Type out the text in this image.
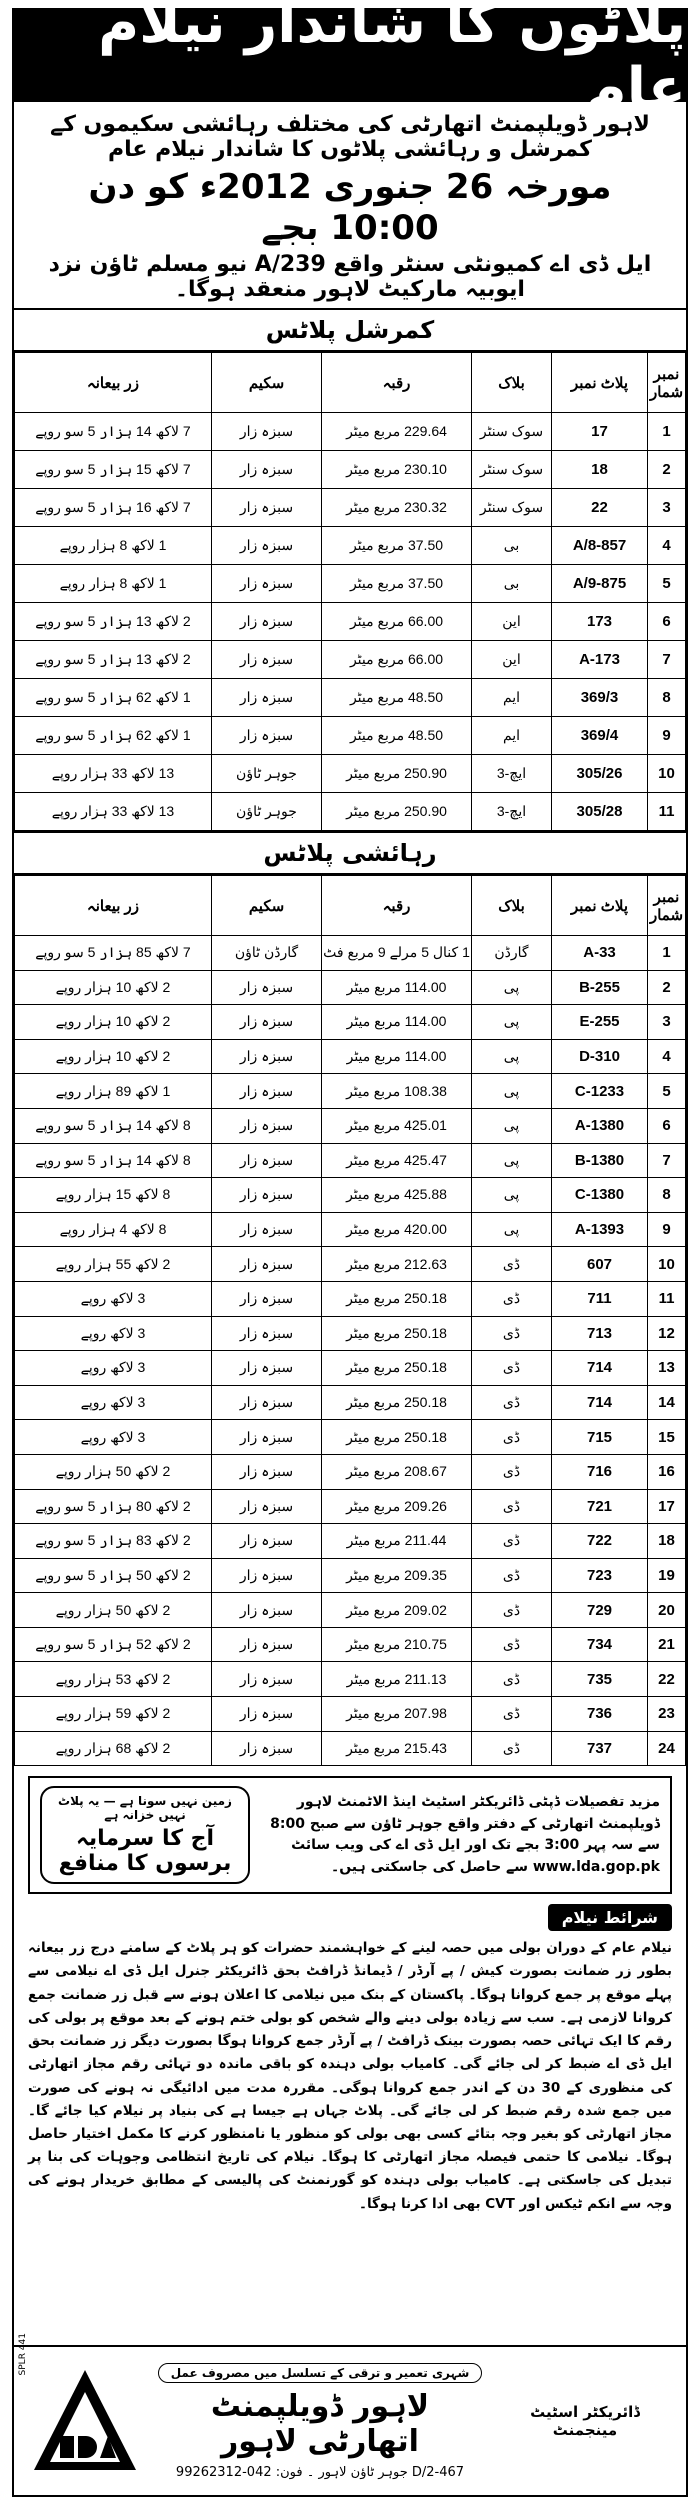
پلاٹوں کا شاندار نیلام عام
لاہور ڈویلپمنٹ اتھارٹی کی مختلف رہائشی سکیموں کے کمرشل و رہائشی پلاٹوں کا شاندار نیلام عام
مورخہ 26 جنوری 2012ء کو دن 10:00 بجے
ایل ڈی اے کمیونٹی سنٹر واقع A/239 نیو مسلم ٹاؤن نزد ایوبیہ مارکیٹ لاہور منعقد ہوگا۔
کمرشل پلاٹس
نمبر شمار	پلاٹ نمبر	بلاک	رقبہ	سکیم	زر بیعانہ
1	17	سوک سنٹر	229.64 مربع میٹر	سبزہ زار	7 لاکھ 14 ہزار 5 سو روپے
2	18	سوک سنٹر	230.10 مربع میٹر	سبزہ زار	7 لاکھ 15 ہزار 5 سو روپے
3	22	سوک سنٹر	230.32 مربع میٹر	سبزہ زار	7 لاکھ 16 ہزار 5 سو روپے
4	857-A/8	بی	37.50 مربع میٹر	سبزہ زار	1 لاکھ 8 ہزار روپے
5	875-A/9	بی	37.50 مربع میٹر	سبزہ زار	1 لاکھ 8 ہزار روپے
6	173	این	66.00 مربع میٹر	سبزہ زار	2 لاکھ 13 ہزار 5 سو روپے
7	173-A	این	66.00 مربع میٹر	سبزہ زار	2 لاکھ 13 ہزار 5 سو روپے
8	369/3	ایم	48.50 مربع میٹر	سبزہ زار	1 لاکھ 62 ہزار 5 سو روپے
9	369/4	ایم	48.50 مربع میٹر	سبزہ زار	1 لاکھ 62 ہزار 5 سو روپے
10	305/26	ایچ-3	250.90 مربع میٹر	جوہر ٹاؤن	13 لاکھ 33 ہزار روپے
11	305/28	ایچ-3	250.90 مربع میٹر	جوہر ٹاؤن	13 لاکھ 33 ہزار روپے
رہائشی پلاٹس
نمبر شمار	پلاٹ نمبر	بلاک	رقبہ	سکیم	زر بیعانہ
1	33-A	گارڈن	1 کنال 5 مرلے 9 مربع فٹ	گارڈن ٹاؤن	7 لاکھ 85 ہزار 5 سو روپے
2	255-B	پی	114.00 مربع میٹر	سبزہ زار	2 لاکھ 10 ہزار روپے
3	255-E	پی	114.00 مربع میٹر	سبزہ زار	2 لاکھ 10 ہزار روپے
4	310-D	پی	114.00 مربع میٹر	سبزہ زار	2 لاکھ 10 ہزار روپے
5	1233-C	پی	108.38 مربع میٹر	سبزہ زار	1 لاکھ 89 ہزار روپے
6	1380-A	پی	425.01 مربع میٹر	سبزہ زار	8 لاکھ 14 ہزار 5 سو روپے
7	1380-B	پی	425.47 مربع میٹر	سبزہ زار	8 لاکھ 14 ہزار 5 سو روپے
8	1380-C	پی	425.88 مربع میٹر	سبزہ زار	8 لاکھ 15 ہزار روپے
9	1393-A	پی	420.00 مربع میٹر	سبزہ زار	8 لاکھ 4 ہزار روپے
10	607	ڈی	212.63 مربع میٹر	سبزہ زار	2 لاکھ 55 ہزار روپے
11	711	ڈی	250.18 مربع میٹر	سبزہ زار	3 لاکھ روپے
12	713	ڈی	250.18 مربع میٹر	سبزہ زار	3 لاکھ روپے
13	714	ڈی	250.18 مربع میٹر	سبزہ زار	3 لاکھ روپے
14	714	ڈی	250.18 مربع میٹر	سبزہ زار	3 لاکھ روپے
15	715	ڈی	250.18 مربع میٹر	سبزہ زار	3 لاکھ روپے
16	716	ڈی	208.67 مربع میٹر	سبزہ زار	2 لاکھ 50 ہزار روپے
17	721	ڈی	209.26 مربع میٹر	سبزہ زار	2 لاکھ 80 ہزار 5 سو روپے
18	722	ڈی	211.44 مربع میٹر	سبزہ زار	2 لاکھ 83 ہزار 5 سو روپے
19	723	ڈی	209.35 مربع میٹر	سبزہ زار	2 لاکھ 50 ہزار 5 سو روپے
20	729	ڈی	209.02 مربع میٹر	سبزہ زار	2 لاکھ 50 ہزار روپے
21	734	ڈی	210.75 مربع میٹر	سبزہ زار	2 لاکھ 52 ہزار 5 سو روپے
22	735	ڈی	211.13 مربع میٹر	سبزہ زار	2 لاکھ 53 ہزار روپے
23	736	ڈی	207.98 مربع میٹر	سبزہ زار	2 لاکھ 59 ہزار روپے
24	737	ڈی	215.43 مربع میٹر	سبزہ زار	2 لاکھ 68 ہزار روپے
مزید تفصیلات ڈپٹی ڈائریکٹر اسٹیٹ اینڈ الاٹمنٹ لاہور ڈویلپمنٹ اتھارٹی کے دفتر واقع جوہر ٹاؤن سے صبح 8:00 سے سہ پہر 3:00 بجے تک اور ایل ڈی اے کی ویب سائٹ www.lda.gop.pk سے حاصل کی جاسکتی ہیں۔
زمین نہیں سونا ہے — یہ پلاٹ نہیں خزانہ ہے
آج کا سرمایہ برسوں کا منافع
شرائط نیلام
نیلام عام کے دوران بولی میں حصہ لینے کے خواہشمند حضرات کو ہر پلاٹ کے سامنے درج زر بیعانہ بطور زر ضمانت بصورت کیش / پے آرڈر / ڈیمانڈ ڈرافٹ بحق ڈائریکٹر جنرل ایل ڈی اے نیلامی سے پہلے موقع پر جمع کروانا ہوگا۔ پاکستان کے بنک میں نیلامی کا اعلان ہونے سے قبل زر ضمانت جمع کروانا لازمی ہے۔ سب سے زیادہ بولی دینے والے شخص کو بولی ختم ہونے کے بعد موقع پر بولی کی رقم کا ایک تہائی حصہ بصورت بینک ڈرافٹ / پے آرڈر جمع کروانا ہوگا بصورت دیگر زر ضمانت بحق ایل ڈی اے ضبط کر لی جائے گی۔ کامیاب بولی دہندہ کو باقی ماندہ دو تہائی رقم مجاز اتھارٹی کی منظوری کے 30 دن کے اندر جمع کروانا ہوگی۔ مقررہ مدت میں ادائیگی نہ ہونے کی صورت میں جمع شدہ رقم ضبط کر لی جائے گی۔ پلاٹ جہاں ہے جیسا ہے کی بنیاد پر نیلام کیا جائے گا۔ مجاز اتھارٹی کو بغیر وجہ بتائے کسی بھی بولی کو منظور یا نامنظور کرنے کا مکمل اختیار حاصل ہوگا۔ نیلامی کا حتمی فیصلہ مجاز اتھارٹی کا ہوگا۔ نیلام کی تاریخ انتظامی وجوہات کی بنا پر تبدیل کی جاسکتی ہے۔ کامیاب بولی دہندہ کو گورنمنٹ کی پالیسی کے مطابق خریدار ہونے کی وجہ سے انکم ٹیکس اور CVT بھی ادا کرنا ہوگا۔
SPLR 441	شہری تعمیر و ترقی کے تسلسل میں مصروف عمل
لاہور ڈویلپمنٹ اتھارٹی لاہور
467-D/2 جوہر ٹاؤن لاہور ۔ فون: 042-99262312
ڈائریکٹر اسٹیٹ مینجمنٹ
